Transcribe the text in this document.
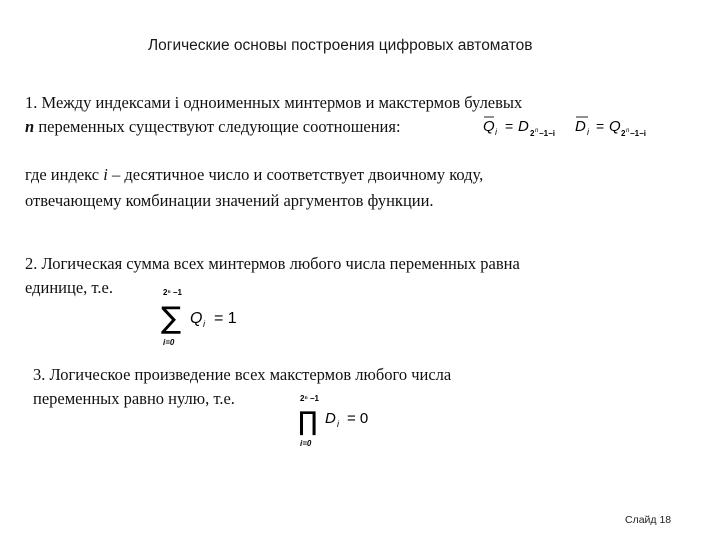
Логические основы построения цифровых автоматов
1. Между индексами i одноименных минтермов и макстермов булевых
n переменных существуют следующие соотношения:	Q i = D 2 n −1−i D i = Q 2 n −1−i
где индекс i – десятичное число и соответствует двоичному коду,
отвечающему комбинации значений аргументов функции.
2. Логическая сумма всех минтермов любого числа переменных равна
единице, т.е.	2ⁿ −1
∑
i=0
Q i = 1
3. Логическое произведение всех макстермов любого числа
переменных равно нулю, т.е.	2ⁿ −1
∏
i=0
D i = 0
Слайд 18
